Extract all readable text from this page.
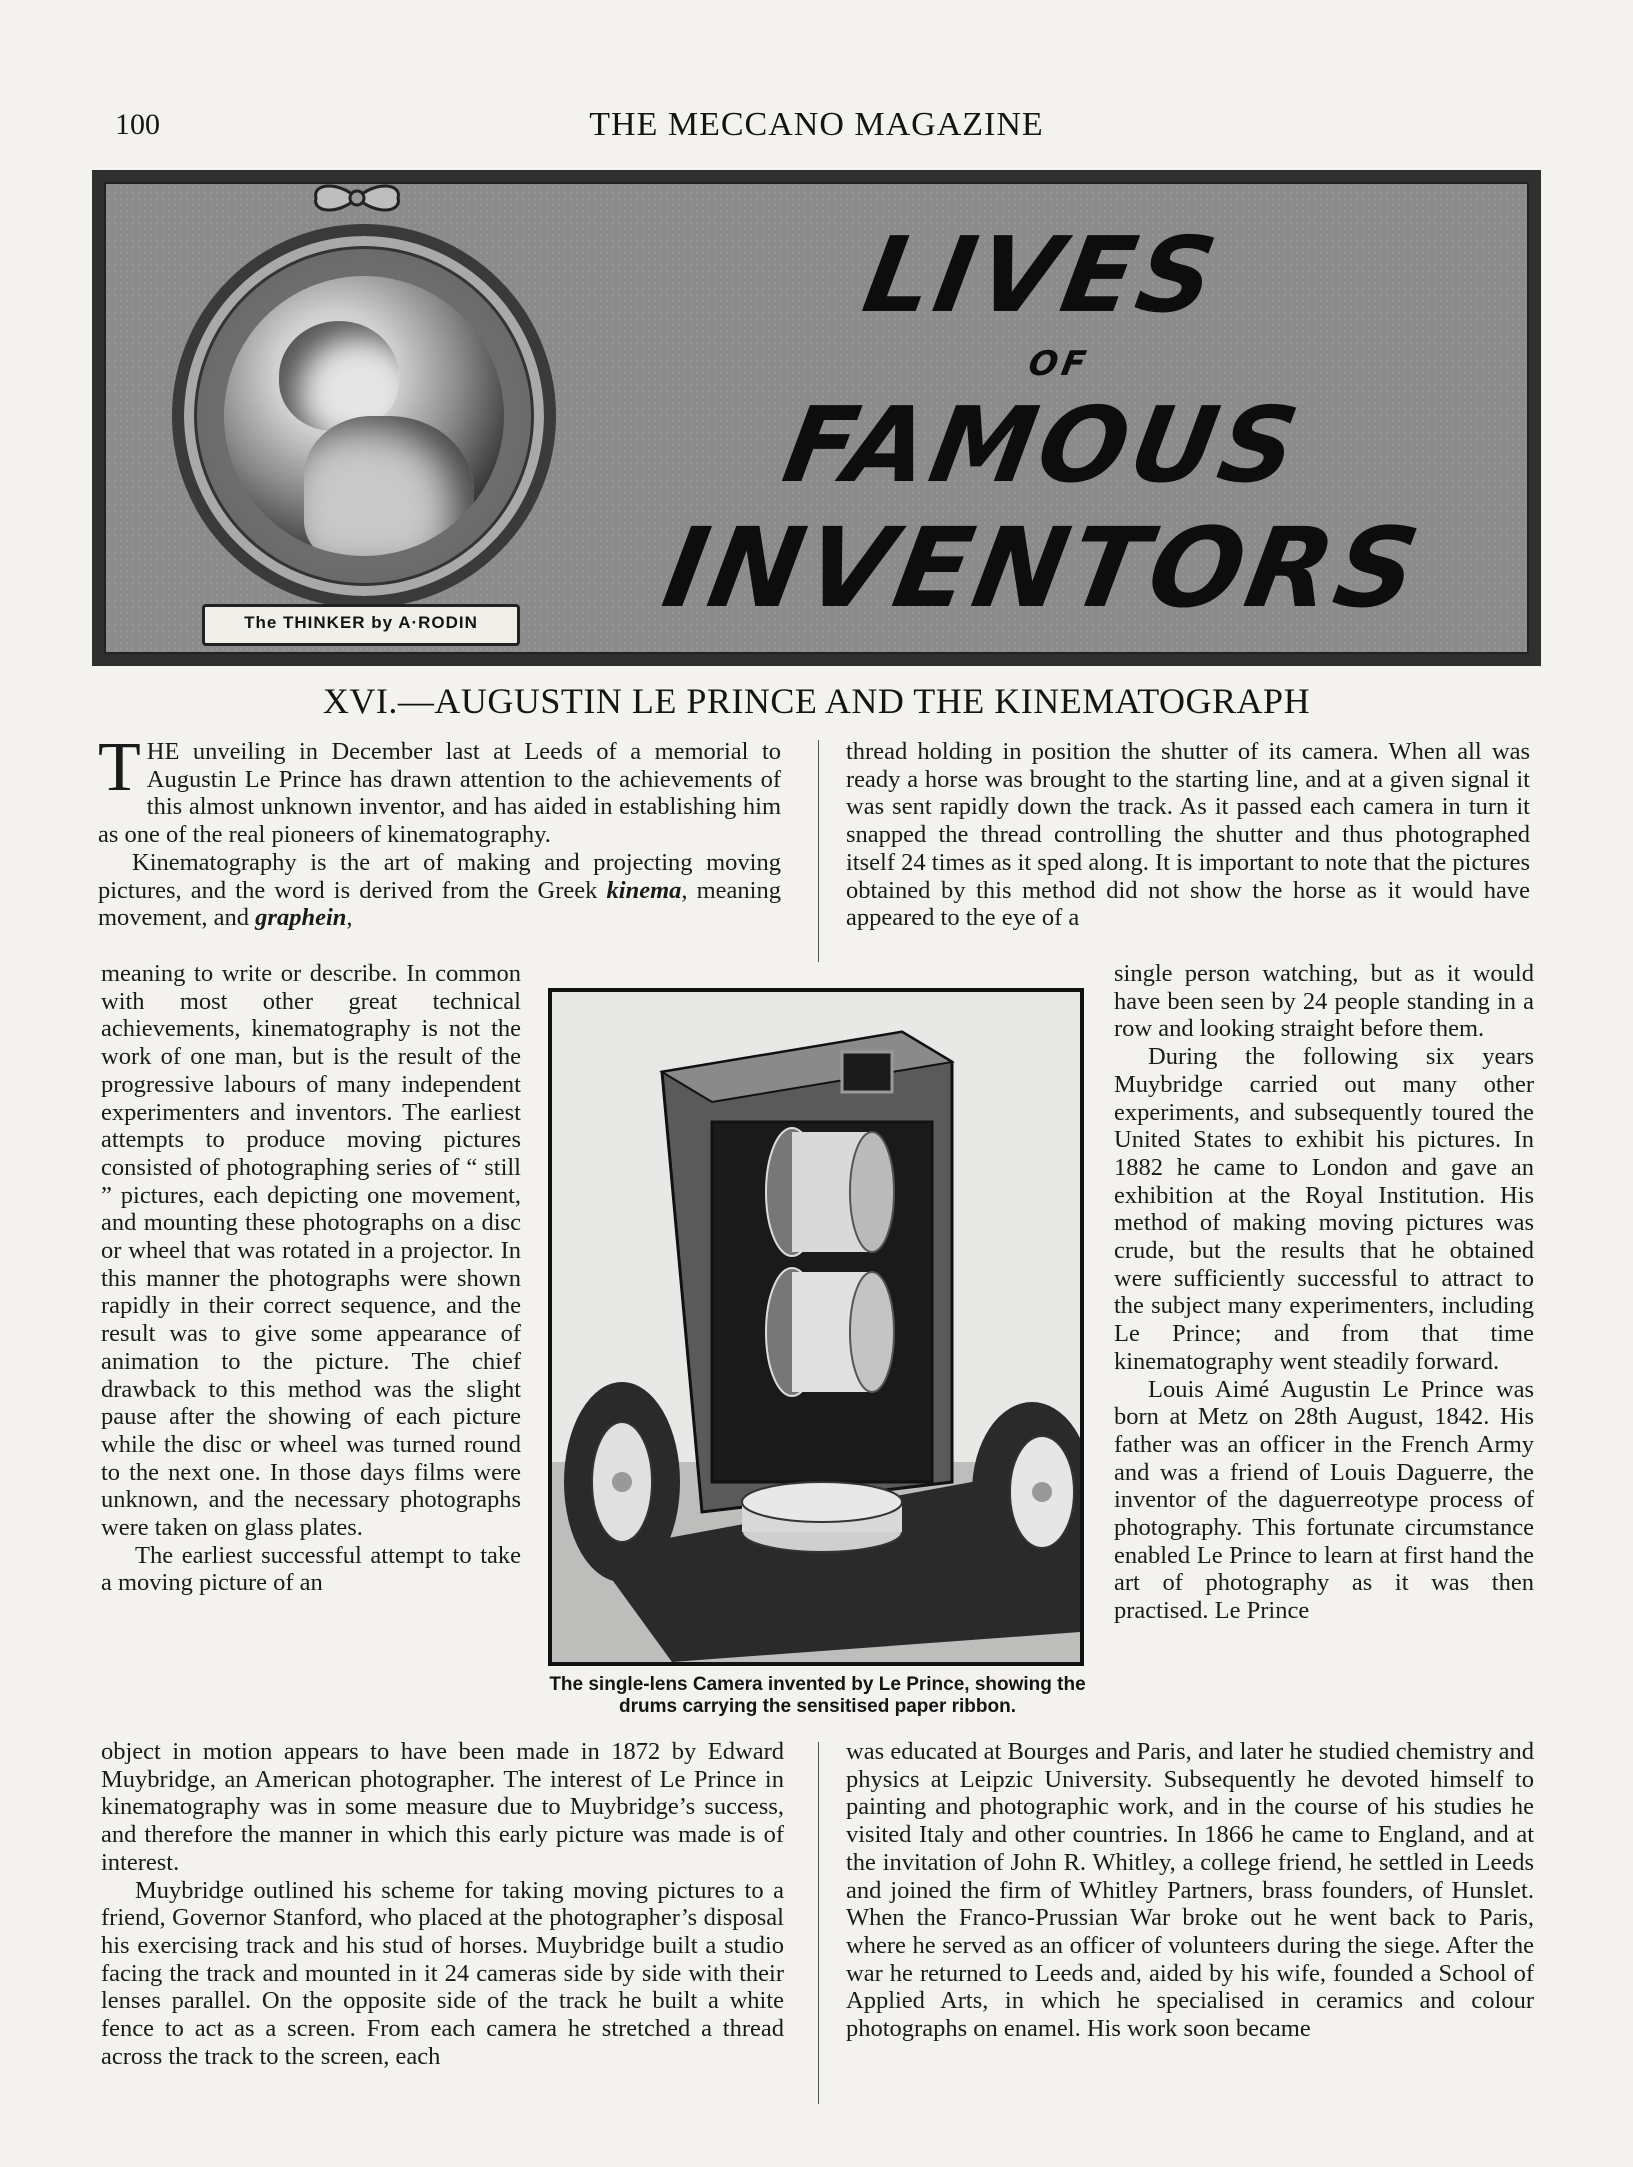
100	THE MECCANO MAGAZINE
The THINKER by A·RODIN
LIVES
OF
FAMOUS
INVENTORS
XVI.—AUGUSTIN LE PRINCE AND THE KINEMATOGRAPH

THE unveiling in December last at Leeds of a memorial to Augustin Le Prince has drawn attention to the achievements of this almost unknown inventor, and has aided in establishing him as one of the real pioneers of kinematography.

Kinematography is the art of making and projecting moving pictures, and the word is derived from the Greek kinema, meaning movement, and graphein,

meaning to write or describe. In common with most other great technical achievements, kinematography is not the work of one man, but is the result of the progressive labours of many independent experimenters and inventors. The earliest attempts to produce moving pictures consisted of photographing series of “ still ” pictures, each depicting one movement, and mounting these photographs on a disc or wheel that was rotated in a projector. In this manner the photographs were shown rapidly in their correct sequence, and the result was to give some appearance of animation to the picture. The chief drawback to this method was the slight pause after the showing of each picture while the disc or wheel was turned round to the next one. In those days films were unknown, and the necessary photographs were taken on glass plates.

The earliest successful attempt to take a moving picture of an

object in motion appears to have been made in 1872 by Edward Muybridge, an American photographer. The interest of Le Prince in kinematography was in some measure due to Muybridge’s success, and therefore the manner in which this early picture was made is of interest.

Muybridge outlined his scheme for taking moving pictures to a friend, Governor Stanford, who placed at the photographer’s disposal his exercising track and his stud of horses. Muybridge built a studio facing the track and mounted in it 24 cameras side by side with their lenses parallel. On the opposite side of the track he built a white fence to act as a screen. From each camera he stretched a thread across the track to the screen, each

thread holding in position the shutter of its camera. When all was ready a horse was brought to the starting line, and at a given signal it was sent rapidly down the track. As it passed each camera in turn it snapped the thread controlling the shutter and thus photographed itself 24 times as it sped along. It is important to note that the pictures obtained by this method did not show the horse as it would have appeared to the eye of a

single person watching, but as it would have been seen by 24 people standing in a row and looking straight before them.

During the following six years Muybridge carried out many other experiments, and subsequently toured the United States to exhibit his pictures. In 1882 he came to London and gave an exhibition at the Royal Institution. His method of making moving pictures was crude, but the results that he obtained were sufficiently successful to attract to the subject many experimenters, including Le Prince; and from that time kinematography went steadily forward.

Louis Aimé Augustin Le Prince was born at Metz on 28th August, 1842. His father was an officer in the French Army and was a friend of Louis Daguerre, the inventor of the daguerreotype process of photography. This fortunate circumstance enabled Le Prince to learn at first hand the art of photography as it was then practised. Le Prince

was educated at Bourges and Paris, and later he studied chemistry and physics at Leipzic University. Subsequently he devoted himself to painting and photographic work, and in the course of his studies he visited Italy and other countries. In 1866 he came to England, and at the invitation of John R. Whitley, a college friend, he settled in Leeds and joined the firm of Whitley Partners, brass founders, of Hunslet. When the Franco-Prussian War broke out he went back to Paris, where he served as an officer of volunteers during the siege. After the war he returned to Leeds and, aided by his wife, founded a School of Applied Arts, in which he specialised in ceramics and colour photographs on enamel. His work soon became

The single-lens Camera invented by Le Prince, showing the drums carrying the sensitised paper ribbon.
